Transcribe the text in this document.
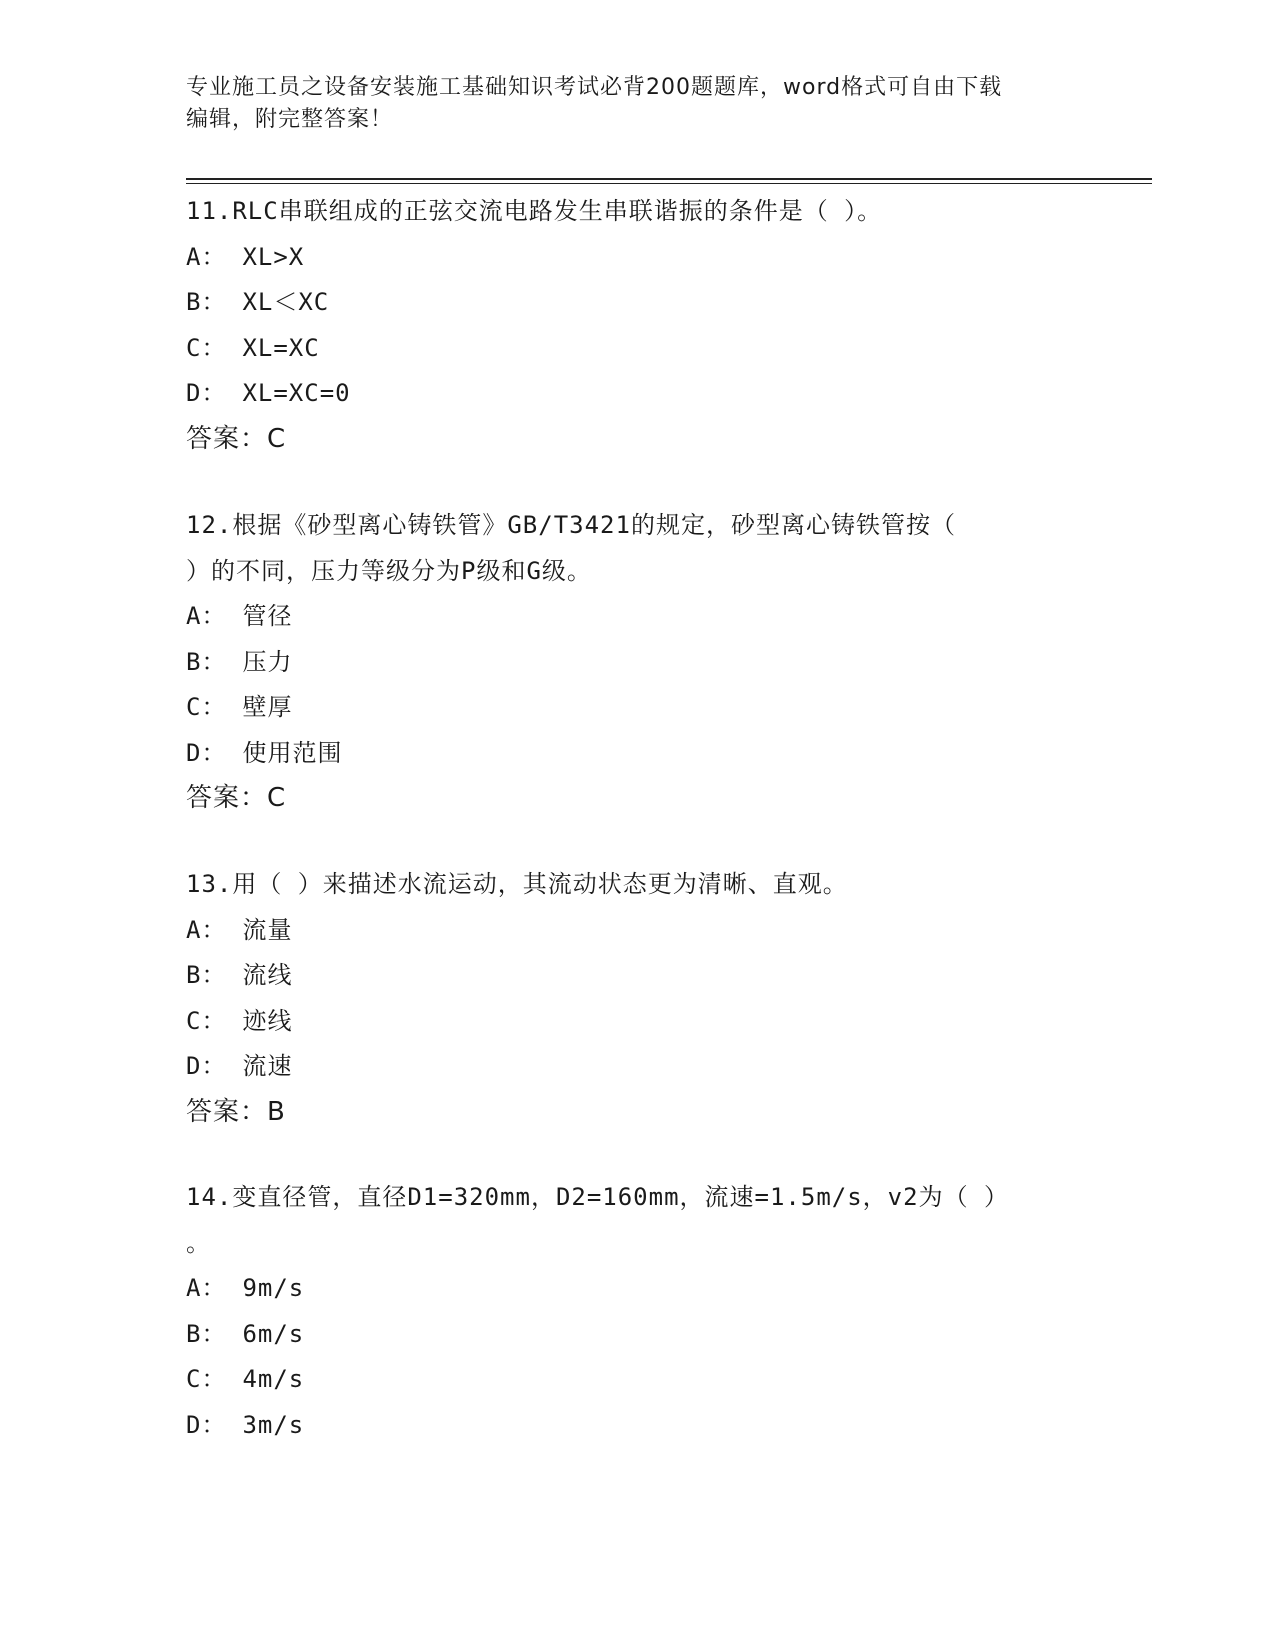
专业施工员之设备安装施工基础知识考试必背200题题库，word格式可自由下载
编辑，附完整答案！
11.RLC串联组成的正弦交流电路发生串联谐振的条件是（ ）。
A： XL>X
B： XL＜XC
C： XL=XC
D： XL=XC=0
答案：C
12.根据《砂型离心铸铁管》GB/T3421的规定，砂型离心铸铁管按（
）的不同，压力等级分为P级和G级。
A： 管径
B： 压力
C： 壁厚
D： 使用范围
答案：C
13.用（ ）来描述水流运动，其流动状态更为清晰、直观。
A： 流量
B： 流线
C： 迹线
D： 流速
答案：B
14.变直径管，直径D1=320mm，D2=160mm，流速=1.5m/s，v2为（ ）
。
A： 9m/s
B： 6m/s
C： 4m/s
D： 3m/s
